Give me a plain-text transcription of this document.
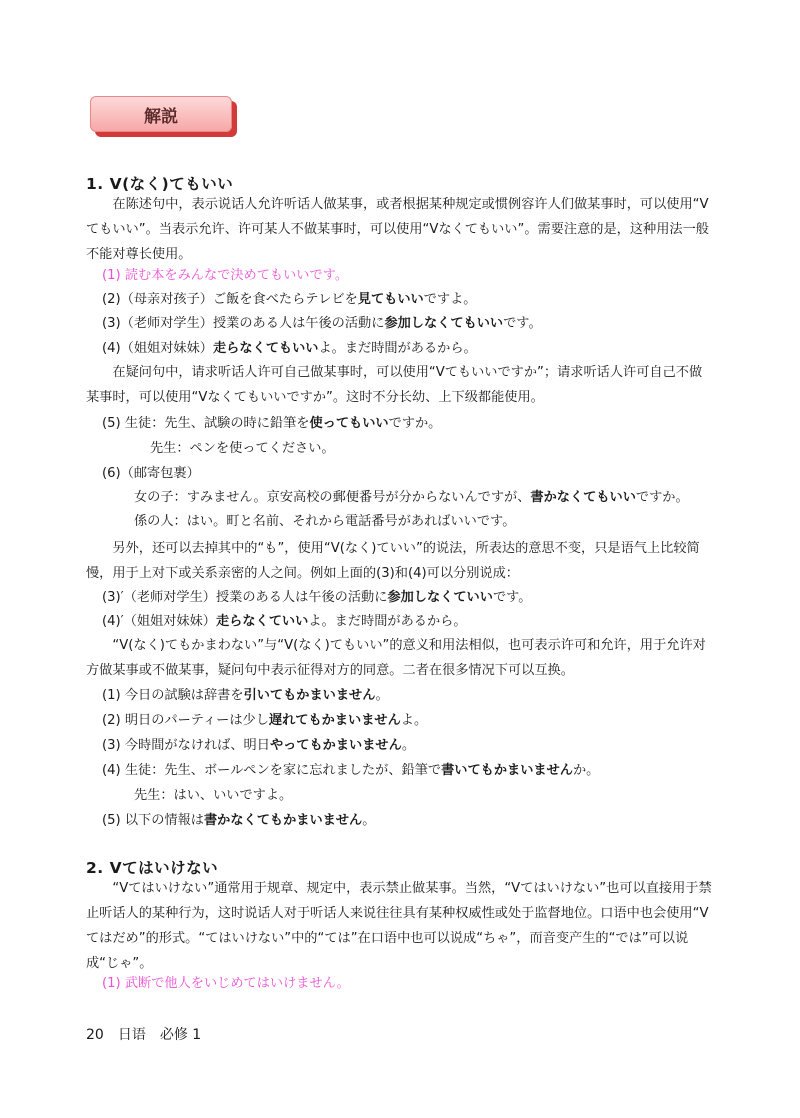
解説
1. V(なく)てもいい
在陈述句中，表示说话人允许听话人做某事，或者根据某种规定或惯例容许人们做某事时，可以使用“Vてもいい”。当表示允许、许可某人不做某事时，可以使用“Vなくてもいい”。需要注意的是，这种用法一般不能对尊长使用。
(1) 読む本をみんなで決めてもいいです。
(2)（母亲对孩子）ご飯を食べたらテレビを見てもいいですよ。
(3)（老师对学生）授業のある人は午後の活動に参加しなくてもいいです。
(4)（姐姐对妹妹）走らなくてもいいよ。まだ時間があるから。
在疑问句中，请求听话人许可自己做某事时，可以使用“Vてもいいですか”；请求听话人许可自己不做某事时，可以使用“Vなくてもいいですか”。这时不分长幼、上下级都能使用。
(5) 生徒：先生、試験の時に鉛筆を使ってもいいですか。
先生：ペンを使ってください。
(6)（邮寄包裹）
女の子：すみません。京安高校の郵便番号が分からないんですが、書かなくてもいいですか。
係の人：はい。町と名前、それから電話番号があればいいです。
另外，还可以去掉其中的“も”，使用“V(なく)ていい”的说法，所表达的意思不变，只是语气上比较简慢，用于上对下或关系亲密的人之间。例如上面的(3)和(4)可以分别说成：
(3)′（老师对学生）授業のある人は午後の活動に参加しなくていいです。
(4)′（姐姐对妹妹）走らなくていいよ。まだ時間があるから。
“V(なく)てもかまわない”与“V(なく)てもいい”的意义和用法相似，也可表示许可和允许，用于允许对方做某事或不做某事，疑问句中表示征得对方的同意。二者在很多情况下可以互换。
(1) 今日の試験は辞書を引いてもかまいません。
(2) 明日のパーティーは少し遅れてもかまいませんよ。
(3) 今時間がなければ、明日やってもかまいません。
(4) 生徒：先生、ボールペンを家に忘れましたが、鉛筆で書いてもかまいませんか。
先生：はい、いいですよ。
(5) 以下の情報は書かなくてもかまいません。
2. Vてはいけない
“Vてはいけない”通常用于规章、规定中，表示禁止做某事。当然，“Vてはいけない”也可以直接用于禁止听话人的某种行为，这时说话人对于听话人来说往往具有某种权威性或处于监督地位。口语中也会使用“Vてはだめ”的形式。“てはいけない”中的“ては”在口语中也可以说成“ちゃ”，而音变产生的“では”可以说成“じゃ”。
(1) 武断で他人をいじめてはいけません。
20 日语 必修 1
